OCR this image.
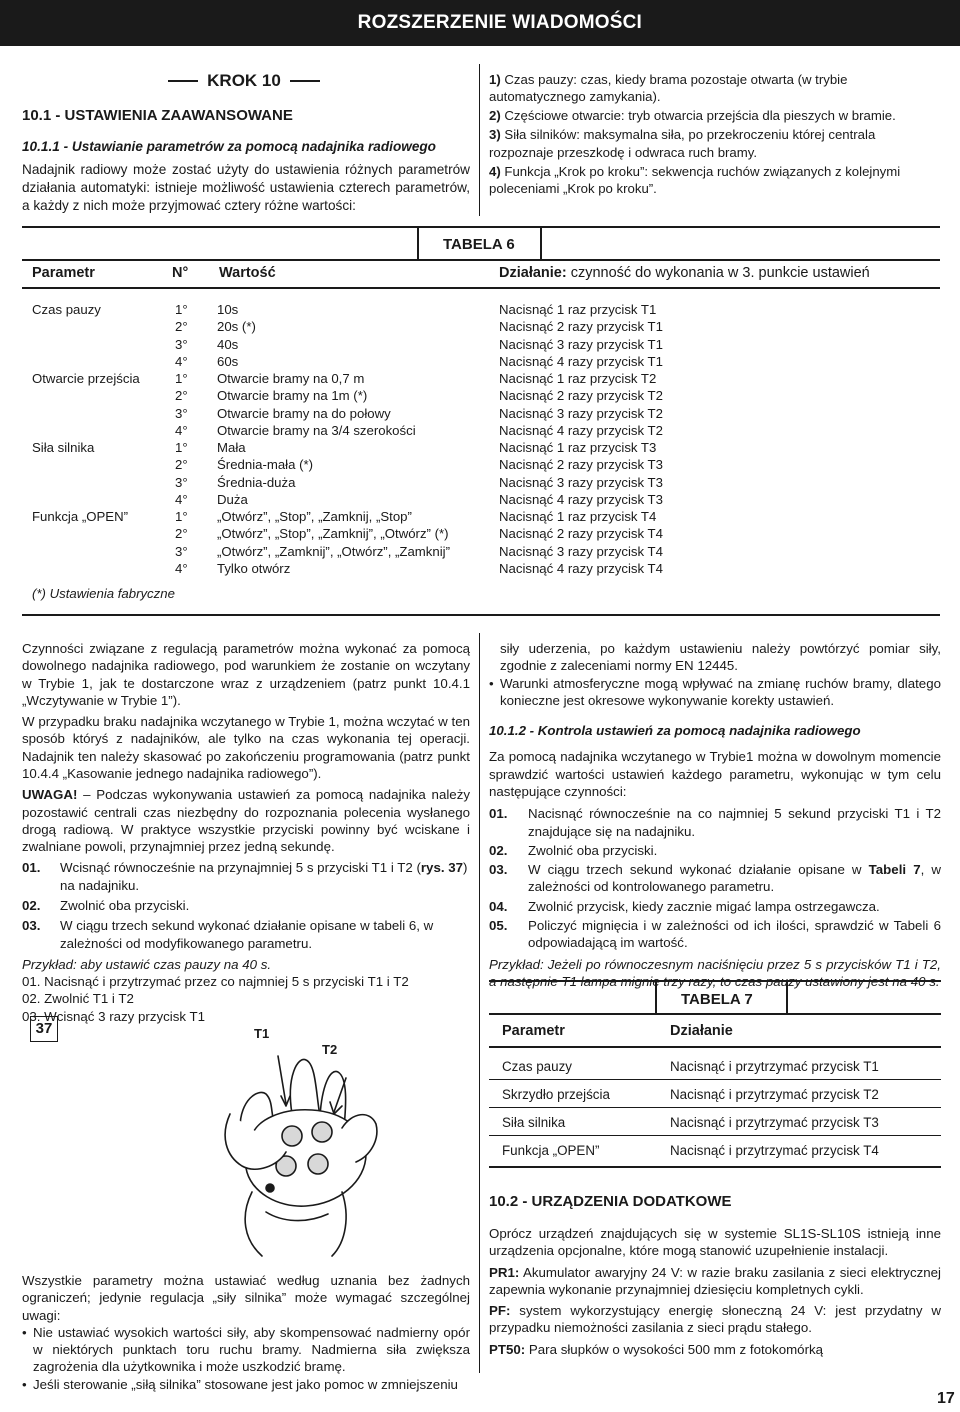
ROZSZERZENIE WIADOMOŚCI
KROK 10
10.1 - USTAWIENIA ZAAWANSOWANE
10.1.1 - Ustawianie parametrów za pomocą nadajnika radiowego
Nadajnik radiowy może zostać użyty do ustawienia różnych parametrów działania automatyki: istnieje możliwość ustawienia czterech parametrów, a każdy z nich może przyjmować cztery różne wartości:

1) Czas pauzy: czas, kiedy brama pozostaje otwarta (w trybie automatycznego zamykania).

2) Częściowe otwarcie: tryb otwarcia przejścia dla pieszych w bramie.

3) Siła silników: maksymalna siła, po przekroczeniu której centrala rozpoznaje przeszkodę i odwraca ruch bramy.

4) Funkcja „Krok po kroku”: sekwencja ruchów związanych z kolejnymi poleceniami „Krok po kroku”.

TABELA 6
Parametr	N° Wartość	Działanie: czynność do wykonania w 3. punkcie ustawień
Czas pauzy	1° 10s	Nacisnąć 1 raz przycisk T1
2° 20s (*)	Nacisnąć 2 razy przycisk T1
3° 40s	Nacisnąć 3 razy przycisk T1
4° 60s	Nacisnąć 4 razy przycisk T1
Otwarcie przejścia	1° Otwarcie bramy na 0,7 m	Nacisnąć 1 raz przycisk T2
2° Otwarcie bramy na 1m (*)	Nacisnąć 2 razy przycisk T2
3° Otwarcie bramy na do połowy	Nacisnąć 3 razy przycisk T2
4° Otwarcie bramy na 3/4 szerokości	Nacisnąć 4 razy przycisk T2
Siła silnika	1° Mała	Nacisnąć 1 raz przycisk T3
2° Średnia-mała (*)	Nacisnąć 2 razy przycisk T3
3° Średnia-duża	Nacisnąć 3 razy przycisk T3
4° Duża	Nacisnąć 4 razy przycisk T3
Funkcja „OPEN”	1° „Otwórz”, „Stop”, „Zamknij, „Stop”	Nacisnąć 1 raz przycisk T4
2° „Otwórz”, „Stop”, „Zamknij”, „Otwórz” (*)	Nacisnąć 2 razy przycisk T4
3° „Otwórz”, „Zamknij”, „Otwórz”, „Zamknij”	Nacisnąć 3 razy przycisk T4
4° Tylko otwórz	Nacisnąć 4 razy przycisk T4
(*) Ustawienia fabryczne

Czynności związane z regulacją parametrów można wykonać za pomocą dowolnego nadajnika radiowego, pod warunkiem że zostanie on wczytany w Trybie 1, jak te dostarczone wraz z urządzeniem (patrz punkt 10.4.1 „Wczytywanie w Trybie 1”).

W przypadku braku nadajnika wczytanego w Trybie 1, można wczytać w ten sposób któryś z nadajników, ale tylko na czas wykonania tej operacji. Nadajnik ten należy skasować po zakończeniu programowania (patrz punkt 10.4.4 „Kasowanie jednego nadajnika radiowego”).

UWAGA! – Podczas wykonywania ustawień za pomocą nadajnika należy pozostawić centrali czas niezbędny do rozpoznania polecenia wysłanego drogą radiową. W praktyce wszystkie przyciski powinny być wciskane i zwalniane powoli, przynajmniej przez jedną sekundę.

01.	Wcisnąć równocześnie na przynajmniej 5 s przyciski T1 i T2 (rys. 37) na nadajniku.
02.	Zwolnić oba przyciski.
03.	W ciągu trzech sekund wykonać działanie opisane w tabeli 6, w zależności od modyfikowanego parametru.

Przykład: aby ustawić czas pauzy na 40 s.

01. Nacisnąć i przytrzymać przez co najmniej 5 s przyciski T1 i T2

02. Zwolnić T1 i T2

03. Wcisnąć 3 razy przycisk T1

37	T1
T2

Wszystkie parametry można ustawiać według uznania bez żadnych ograniczeń; jedynie regulacja „siły silnika” może wymagać szczególnej uwagi:

• Nie ustawiać wysokich wartości siły, aby skompensować nadmierny opór w niektórych punktach toru ruchu bramy. Nadmierna siła zwiększa zagrożenia dla użytkownika i może uszkodzić bramę.
• Jeśli sterowanie „siłą silnika” stosowane jest jako pomoc w zmniejszeniu

siły uderzenia, po każdym ustawieniu należy powtórzyć pomiar siły, zgodnie z zaleceniami normy EN 12445.

• Warunki atmosferyczne mogą wpływać na zmianę ruchów bramy, dlatego konieczne jest okresowe wykonywanie korekty ustawień.
10.1.2 - Kontrola ustawień za pomocą nadajnika radiowego

Za pomocą nadajnika wczytanego w Trybie1 można w dowolnym momencie sprawdzić wartości ustawień każdego parametru, wykonując w tym celu następujące czynności:

01.	Nacisnąć równocześnie na co najmniej 5 sekund przyciski T1 i T2 znajdujące się na nadajniku.
02.	Zwolnić oba przyciski.
03.	W ciągu trzech sekund wykonać działanie opisane w Tabeli 7, w zależności od kontrolowanego parametru.
04.	Zwolnić przycisk, kiedy zacznie migać lampa ostrzegawcza.
05.	Policzyć mignięcia i w zależności od ich ilości, sprawdzić w Tabeli 6 odpowiadającą im wartość.

Przykład: Jeżeli po równoczesnym naciśnięciu przez 5 s przycisków T1 i T2,

TABELA 7
Parametr	Działanie
Czas pauzy	Nacisnąć i przytrzymać przycisk T1
Skrzydło przejścia	Nacisnąć i przytrzymać przycisk T2
Siła silnika	Nacisnąć i przytrzymać przycisk T3
Funkcja „OPEN”	Nacisnąć i przytrzymać przycisk T4
10.2 - URZĄDZENIA DODATKOWE

Oprócz urządzeń znajdujących się w systemie SL1S-SL10S istnieją inne urządzenia opcjonalne, które mogą stanowić uzupełnienie instalacji.

PR1: Akumulator awaryjny 24 V: w razie braku zasilania z sieci elektrycznej zapewnia wykonanie przynajmniej dziesięciu kompletnych cykli.

PF: system wykorzystujący energię słoneczną 24 V: jest przydatny w przypadku niemożności zasilania z sieci prądu stałego.

PT50: Para słupków o wysokości 500 mm z fotokomórką

17
